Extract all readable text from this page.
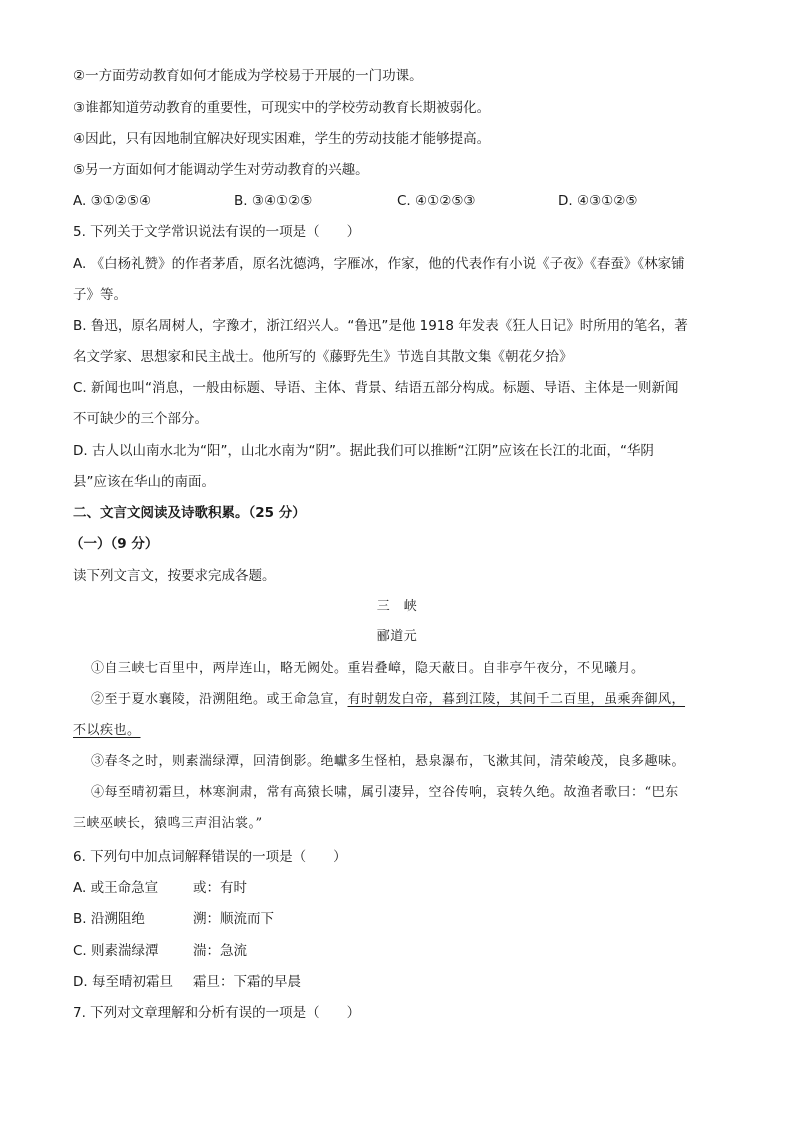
②一方面劳动教育如何才能成为学校易于开展的一门功课。
③谁都知道劳动教育的重要性，可现实中的学校劳动教育长期被弱化。
④因此，只有因地制宜解决好现实困难，学生的劳动技能才能够提高。
⑤另一方面如何才能调动学生对劳动教育的兴趣。
A. ③①②⑤④	B. ③④①②⑤	C. ④①②⑤③	D. ④③①②⑤
5. 下列关于文学常识说法有误的一项是（　　）
A. 《白杨礼赞》的作者茅盾，原名沈德鸿，字雁冰，作家，他的代表作有小说《子夜》《春蚕》《林家铺
子》等。
B. 鲁迅，原名周树人，字豫才，浙江绍兴人。“鲁迅”是他 1918 年发表《狂人日记》时所用的笔名，著
名文学家、思想家和民主战士。他所写的《藤野先生》节选自其散文集《朝花夕拾》
C. 新闻也叫“消息，一般由标题、导语、主体、背景、结语五部分构成。标题、导语、主体是一则新闻
不可缺少的三个部分。
D. 古人以山南水北为“阳”，山北水南为“阴”。据此我们可以推断“江阴”应该在长江的北面，“华阴
县”应该在华山的南面。
二、文言文阅读及诗歌积累。（25 分）
（一）（9 分）
读下列文言文，按要求完成各题。
三　峡
郦道元
①自三峡七百里中，两岸连山，略无阙处。重岩叠嶂，隐天蔽日。自非亭午夜分，不见曦月。
②至于夏水襄陵，沿溯阻绝。或王命急宣，有时朝发白帝，暮到江陵，其间千二百里，虽乘奔御风，
不以疾也。
③春冬之时，则素湍绿潭，回清倒影。绝巘多生怪柏，悬泉瀑布，飞漱其间，清荣峻茂，良多趣味。
④每至晴初霜旦，林寒涧肃，常有高猿长啸，属引凄异，空谷传响，哀转久绝。故渔者歌曰：“巴东
三峡巫峡长，猿鸣三声泪沾裳。”
6. 下列句中加点词解释错误的一项是（　　）
A. 或王命急宣	或：有时
B. 沿溯阻绝	溯：顺流而下
C. 则素湍绿潭	湍：急流
D. 每至晴初霜旦 霜旦：下霜的早晨
7. 下列对文章理解和分析有误的一项是（　　）
